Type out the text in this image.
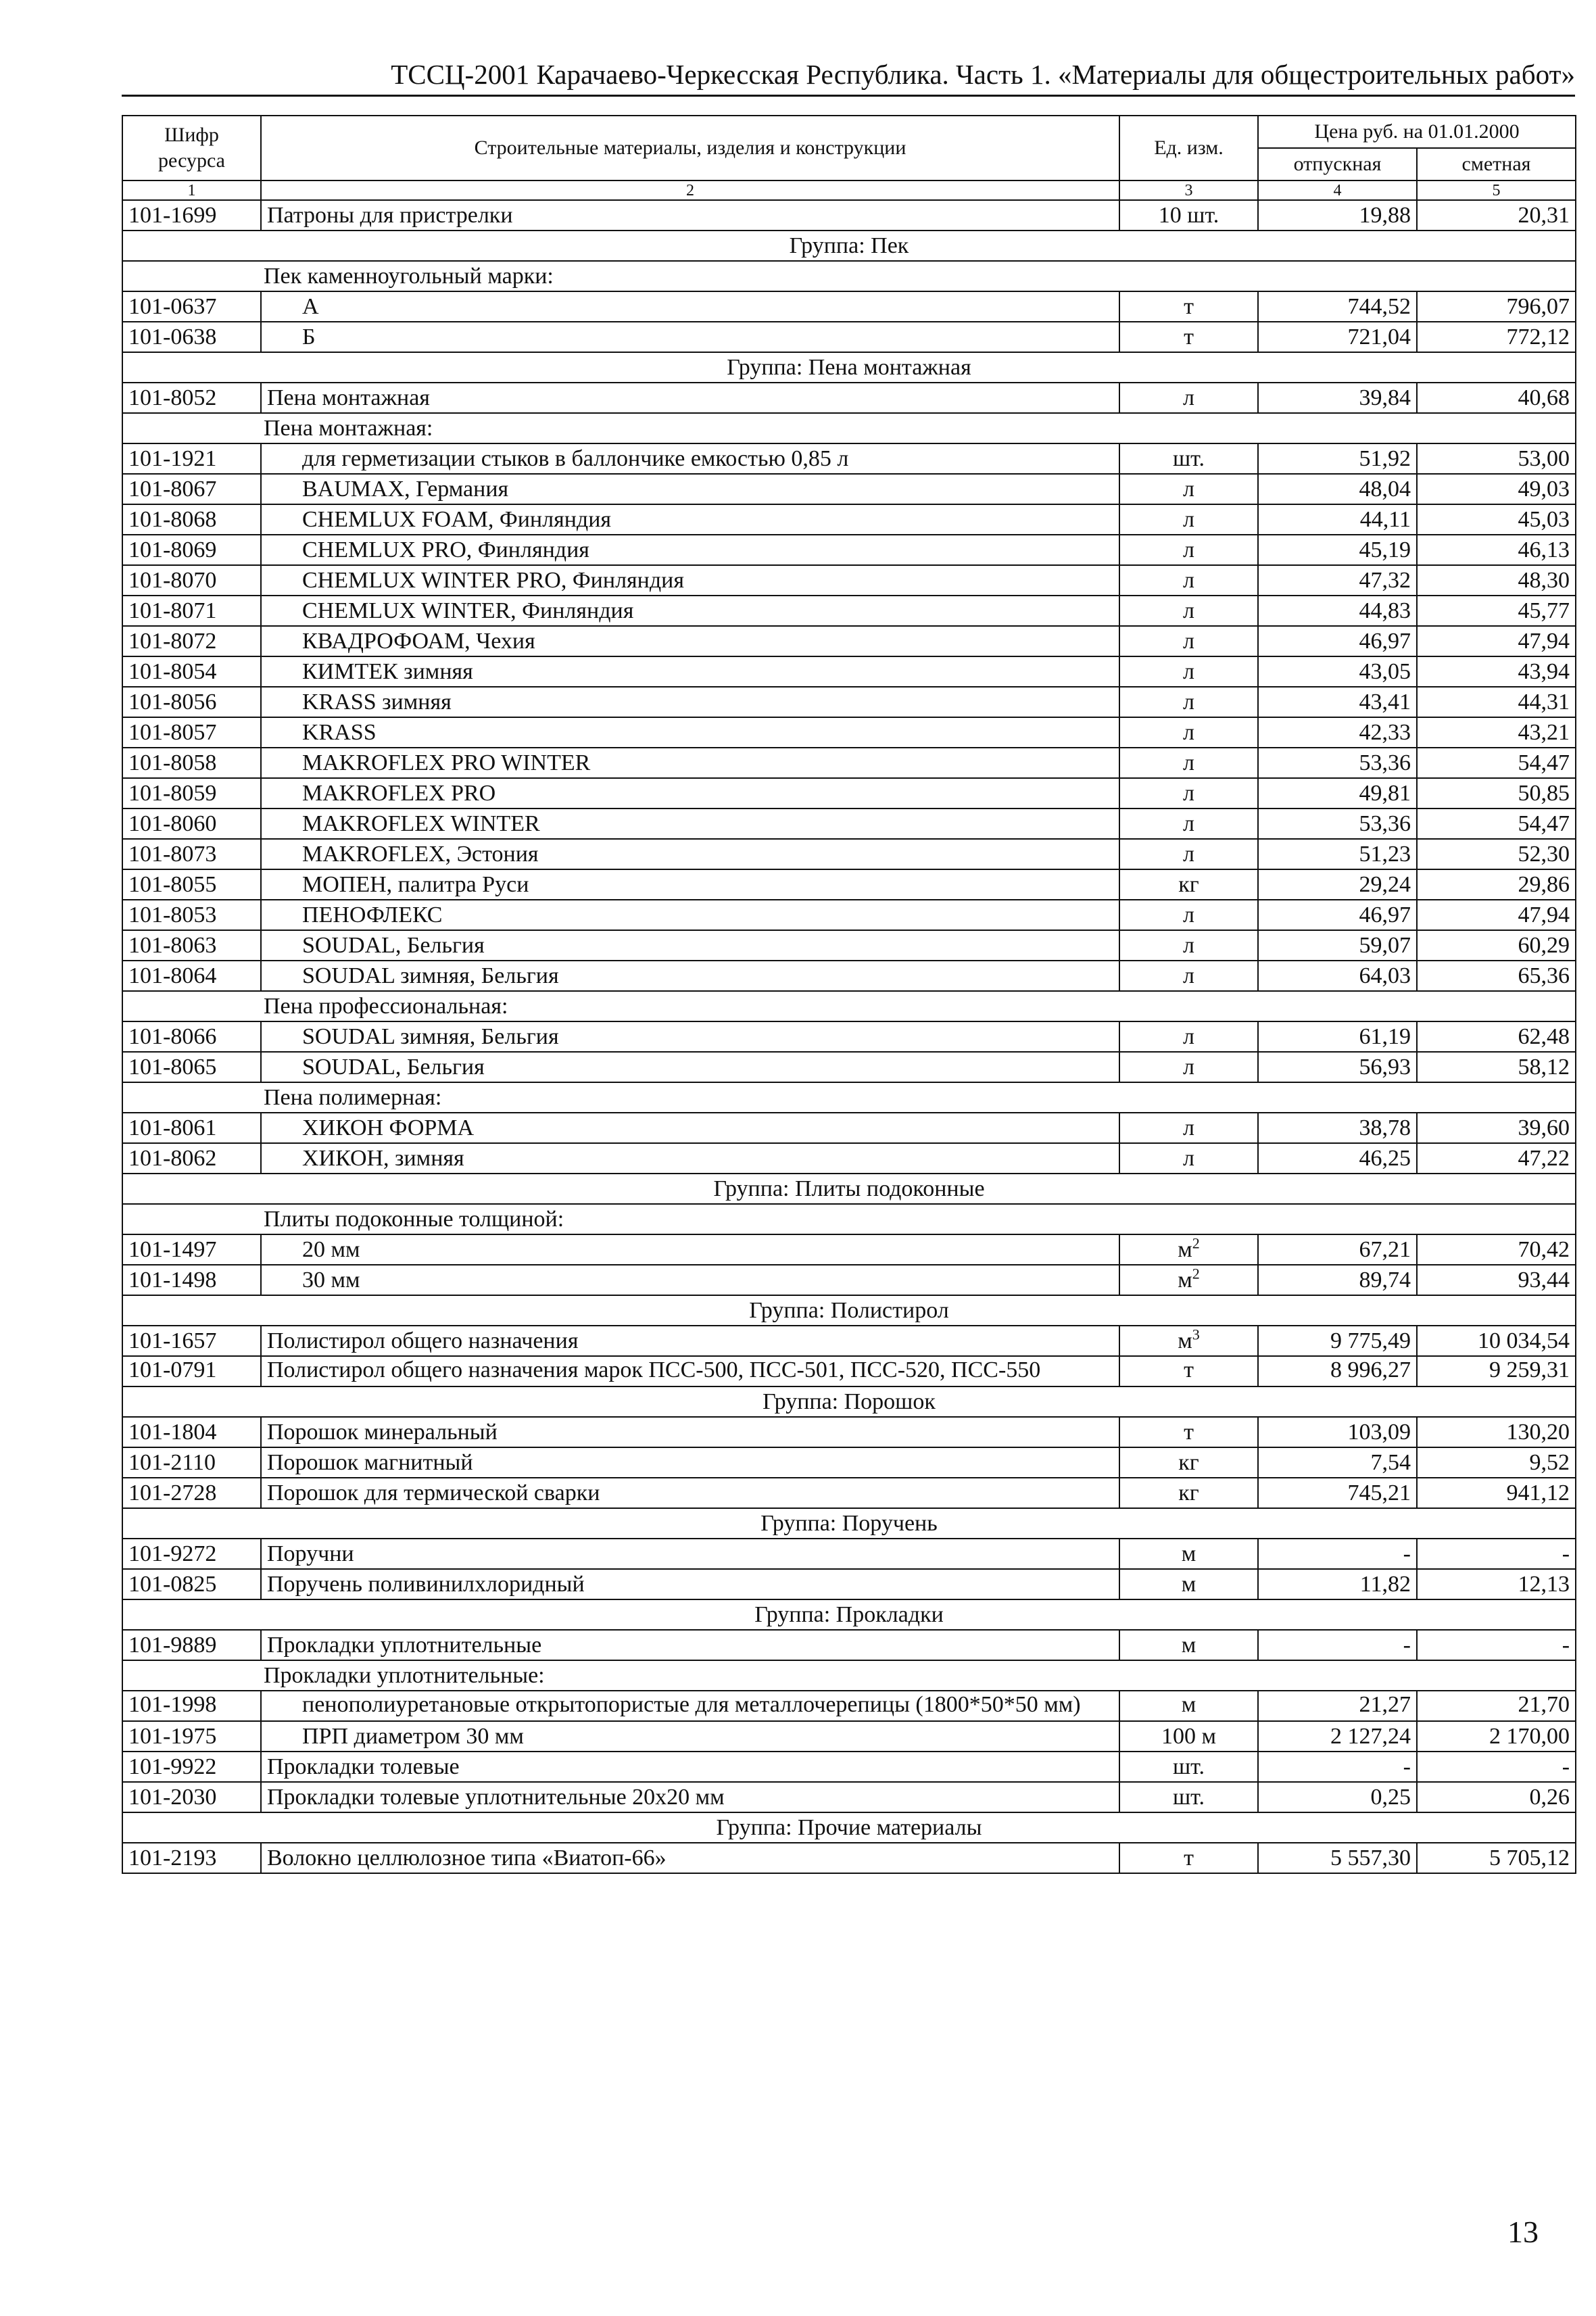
ТССЦ-2001 Карачаево-Черкесская Республика. Часть 1. «Материалы для общестроительных работ»
Шифр ресурса	Строительные материалы, изделия и конструкции	Ед. изм.	Цена руб. на 01.01.2000	
			отпускная	сметная
1	2	3	4	5
101-1699	Патроны для пристрелки	10 шт.	19,88	20,31
Группа: Пек				
Пек каменноугольный марки:				
101-0637	А	т	744,52	796,07
101-0638	Б	т	721,04	772,12
Группа: Пена монтажная				
101-8052	Пена монтажная	л	39,84	40,68
Пена монтажная:				
101-1921	для герметизации стыков в баллончике емкостью 0,85 л	шт.	51,92	53,00
101-8067	BAUMAX, Германия	л	48,04	49,03
101-8068	CHEMLUX FOAM, Финляндия	л	44,11	45,03
101-8069	CHEMLUX PRO, Финляндия	л	45,19	46,13
101-8070	CHEMLUX WINTER PRO, Финляндия	л	47,32	48,30
101-8071	CHEMLUX WINTER, Финляндия	л	44,83	45,77
101-8072	КВАДРОФОАМ, Чехия	л	46,97	47,94
101-8054	КИМТЕК зимняя	л	43,05	43,94
101-8056	KRASS зимняя	л	43,41	44,31
101-8057	KRASS	л	42,33	43,21
101-8058	MAKROFLEX PRO WINTER	л	53,36	54,47
101-8059	MAKROFLEX PRO	л	49,81	50,85
101-8060	MAKROFLEX WINTER	л	53,36	54,47
101-8073	MAKROFLEX, Эстония	л	51,23	52,30
101-8055	МОПЕН, палитра Руси	кг	29,24	29,86
101-8053	ПЕНОФЛЕКС	л	46,97	47,94
101-8063	SOUDAL, Бельгия	л	59,07	60,29
101-8064	SOUDAL зимняя, Бельгия	л	64,03	65,36
Пена профессиональная:				
101-8066	SOUDAL зимняя, Бельгия	л	61,19	62,48
101-8065	SOUDAL, Бельгия	л	56,93	58,12
Пена полимерная:				
101-8061	ХИКОН ФОРМА	л	38,78	39,60
101-8062	ХИКОН, зимняя	л	46,25	47,22
Группа: Плиты подоконные				
Плиты подоконные толщиной:				
101-1497	20 мм	$м^2$	67,21	70,42
101-1498	30 мм	$м^2$	89,74	93,44
Группа: Полистирол				
101-1657	Полистирол общего назначения	$м^3$	9 775,49	10 034,54
101-0791	Полистирол общего назначения марок ПСС-500, ПСС-501, ПСС-520, ПСС-550	т	8 996,27	9 259,31
Группа: Порошок				
101-1804	Порошок минеральный	т	103,09	130,20
101-2110	Порошок магнитный	кг	7,54	9,52
101-2728	Порошок для термической сварки	кг	745,21	941,12
Группа: Поручень				
101-9272	Поручни	м	-	-
101-0825	Поручень поливинилхлоридный	м	11,82	12,13
Группа: Прокладки				
101-9889	Прокладки уплотнительные	м	-	-
Прокладки уплотнительные:				
101-1998	пенополиуретановые открытопористые для металлочерепицы (1800*50*50 мм)	м	21,27	21,70
101-1975	ПРП диаметром 30 мм	100 м	2 127,24	2 170,00
101-9922	Прокладки толевые	шт.	-	-
101-2030	Прокладки толевые уплотнительные 20х20 мм	шт.	0,25	0,26
Группа: Прочие материалы				
101-2193	Волокно целлюлозное типа «Виатоп-66»	т	5 557,30	5 705,12
13
